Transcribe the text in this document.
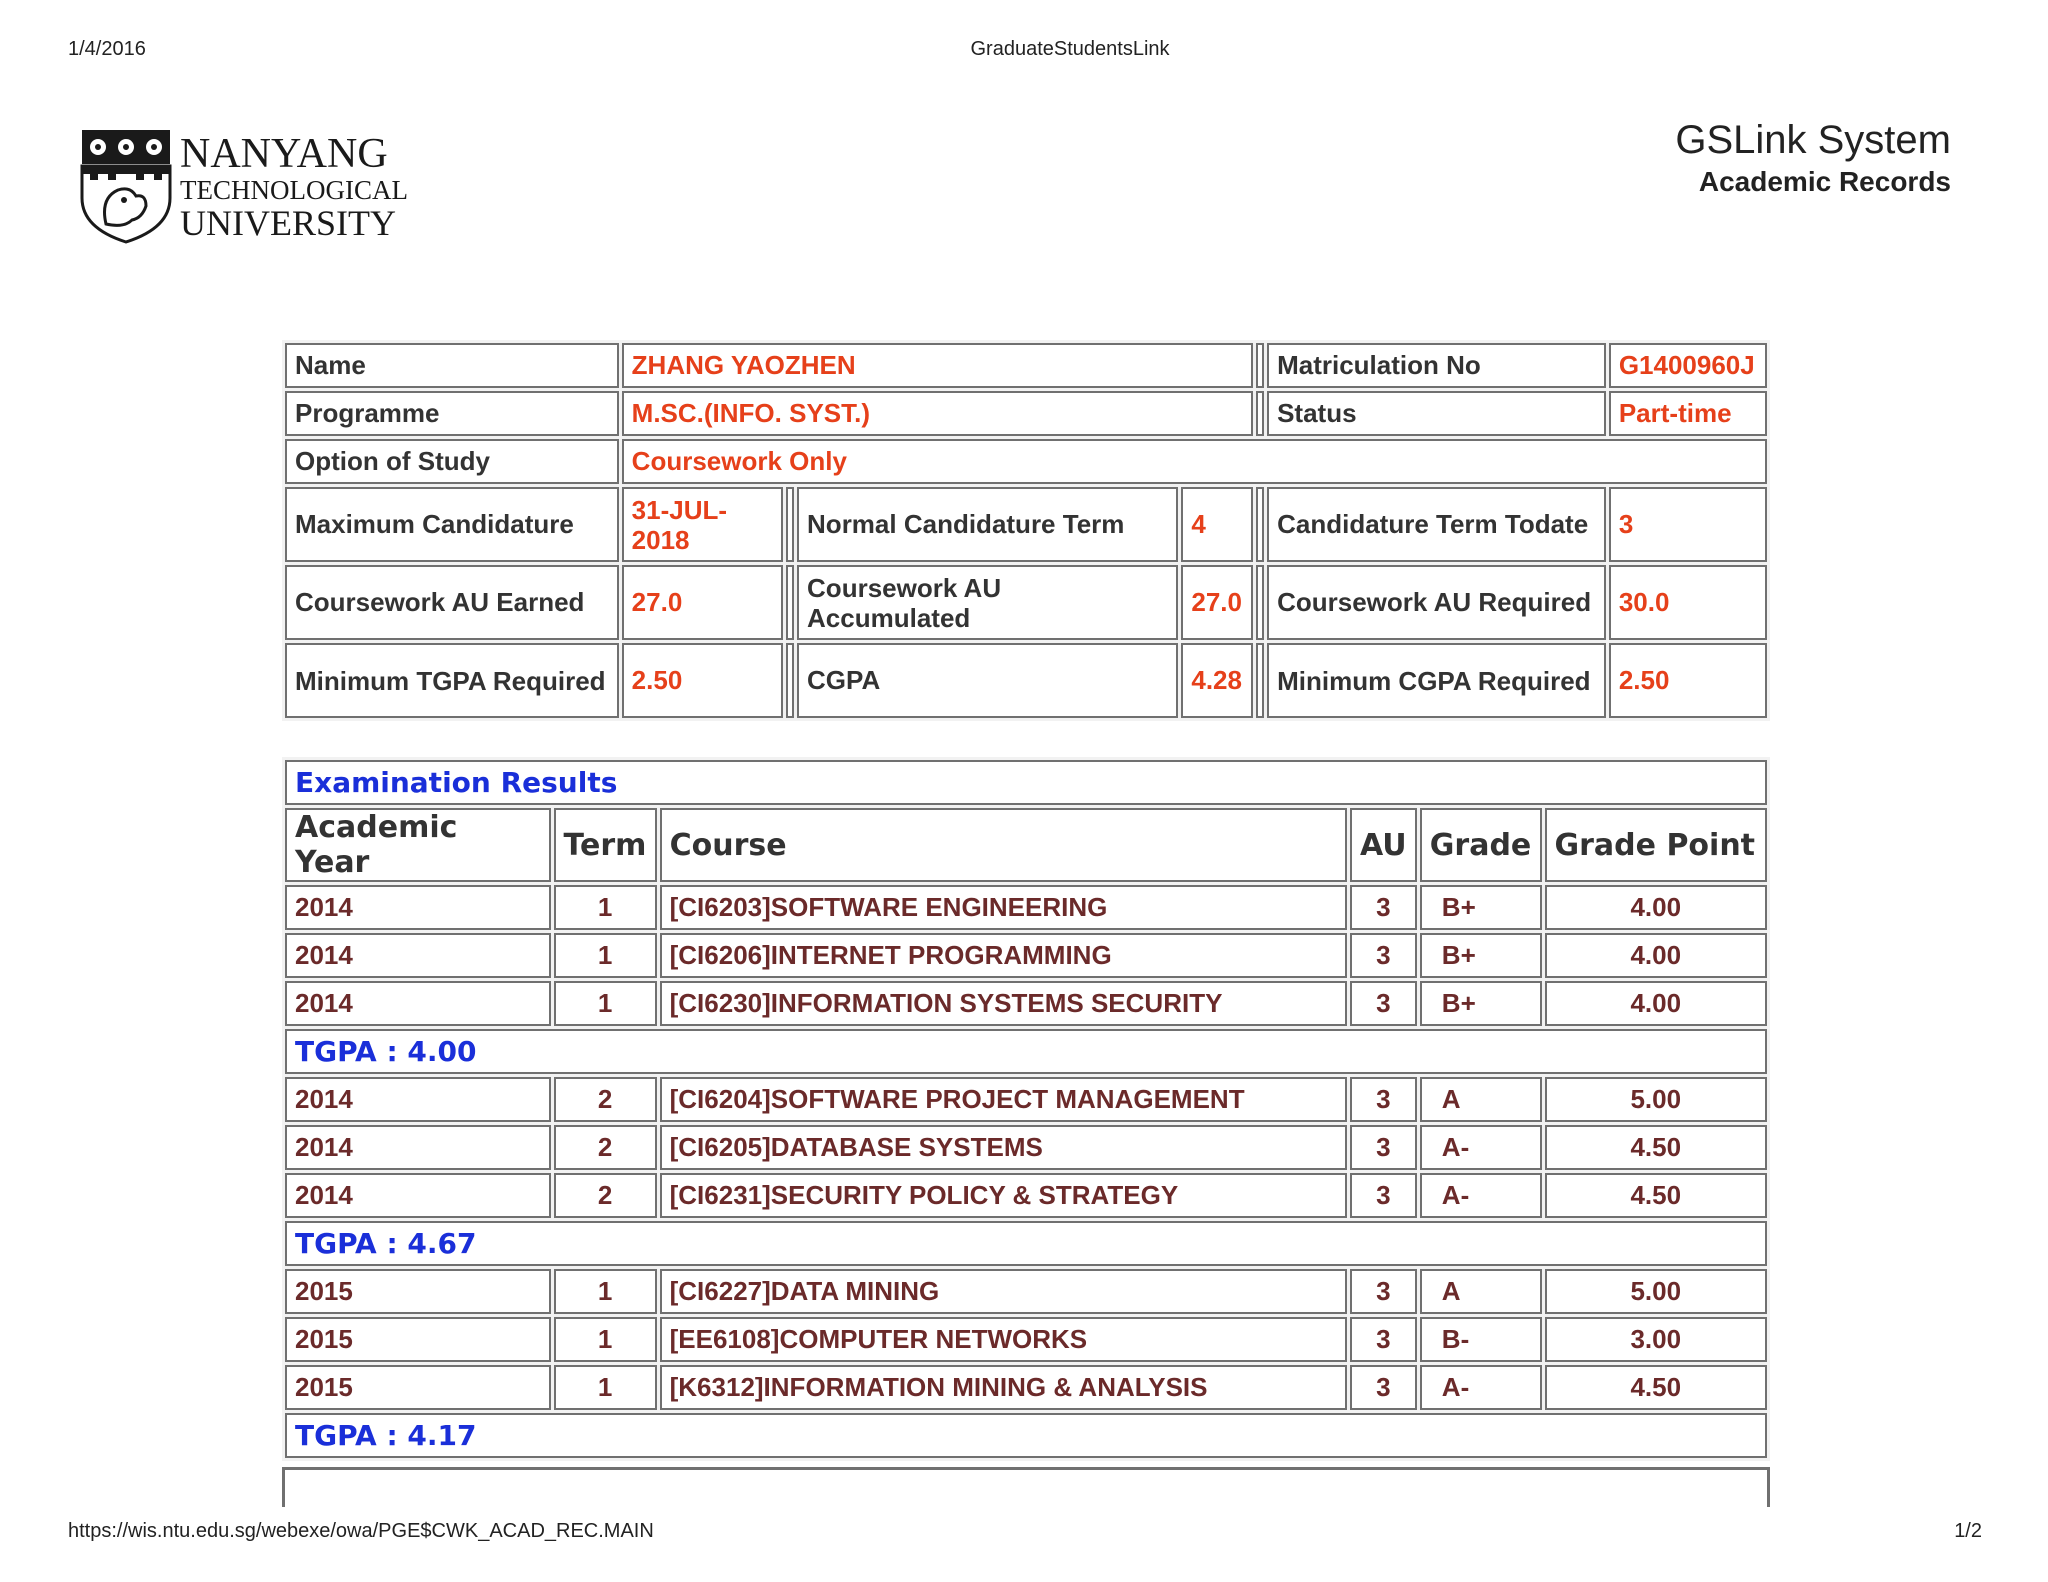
1/4/2016	GraduateStudentsLink
NANYANG
TECHNOLOGICAL
UNIVERSITY
GSLink System
Academic Records
Name	ZHANG YAOZHEN					Matriculation No	G1400960J
Programme	M.SC.(INFO. SYST.)					Status	Part-time
Option of Study	Coursework Only						
Maximum Candidature	31-JUL-2018		Normal Candidature Term	4		Candidature Term Todate	3
Coursework AU Earned	27.0		Coursework AU Accumulated	27.0		Coursework AU Required	30.0
Minimum TGPA Required	2.50		CGPA	4.28		Minimum CGPA Required	2.50
Examination Results					
Academic Year	Term	Course	AU	Grade	Grade Point
2014	1	[CI6203]SOFTWARE ENGINEERING	3	B+	4.00
2014	1	[CI6206]INTERNET PROGRAMMING	3	B+	4.00
2014	1	[CI6230]INFORMATION SYSTEMS SECURITY	3	B+	4.00
TGPA : 4.00					
2014	2	[CI6204]SOFTWARE PROJECT MANAGEMENT	3	A	5.00
2014	2	[CI6205]DATABASE SYSTEMS	3	A-	4.50
2014	2	[CI6231]SECURITY POLICY & STRATEGY	3	A-	4.50
TGPA : 4.67					
2015	1	[CI6227]DATA MINING	3	A	5.00
2015	1	[EE6108]COMPUTER NETWORKS	3	B-	3.00
2015	1	[K6312]INFORMATION MINING & ANALYSIS	3	A-	4.50
TGPA : 4.17					
https://wis.ntu.edu.sg/webexe/owa/PGE$CWK_ACAD_REC.MAIN	1/2
